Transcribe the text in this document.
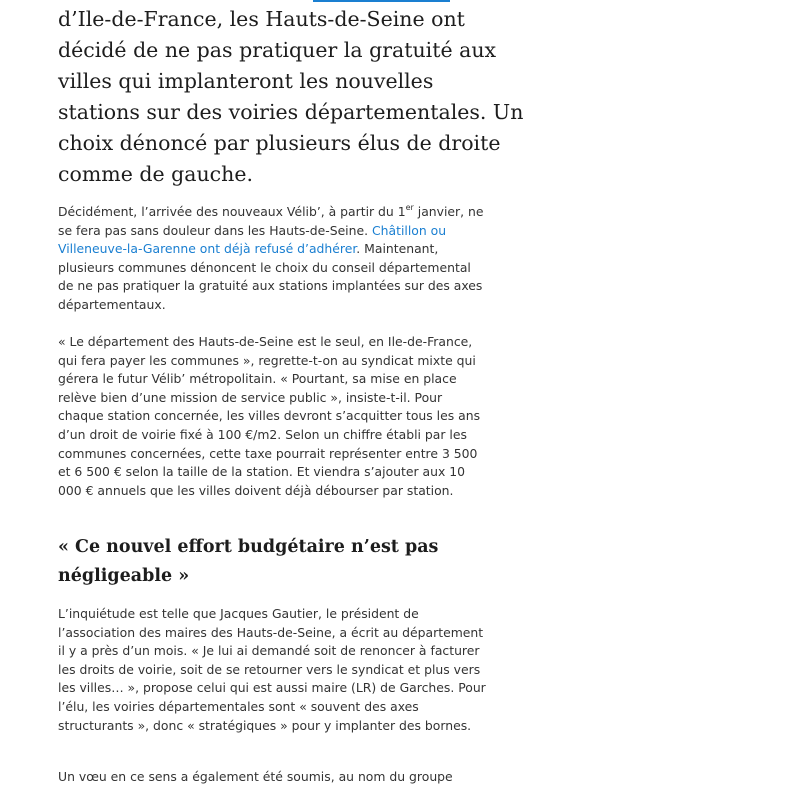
d’Ile-de-France, les Hauts-de-Seine ont
décidé de ne pas pratiquer la gratuité aux
villes qui implanteront les nouvelles
stations sur des voiries départementales. Un
choix dénoncé par plusieurs élus de droite
comme de gauche.

Décidément, l’arrivée des nouveaux Vélib’, à partir du 1er janvier, ne
se fera pas sans douleur dans les Hauts-de-Seine. Châtillon ou
Villeneuve-la-Garenne ont déjà refusé d’adhérer. Maintenant,
plusieurs communes dénoncent le choix du conseil départemental
de ne pas pratiquer la gratuité aux stations implantées sur des axes
départementaux.

« Le département des Hauts-de-Seine est le seul, en Ile-de-France,
qui fera payer les communes », regrette-t-on au syndicat mixte qui
gérera le futur Vélib’ métropolitain. « Pourtant, sa mise en place
relève bien d’une mission de service public », insiste-t-il. Pour
chaque station concernée, les villes devront s’acquitter tous les ans
d’un droit de voirie fixé à 100 €/m2. Selon un chiffre établi par les
communes concernées, cette taxe pourrait représenter entre 3 500
et 6 500 € selon la taille de la station. Et viendra s’ajouter aux 10
000 € annuels que les villes doivent déjà débourser par station.

« Ce nouvel effort budgétaire n’est pas
négligeable »

L’inquiétude est telle que Jacques Gautier, le président de
l’association des maires des Hauts-de-Seine, a écrit au département
il y a près d’un mois. « Je lui ai demandé soit de renoncer à facturer
les droits de voirie, soit de se retourner vers le syndicat et plus vers
les villes… », propose celui qui est aussi maire (LR) de Garches. Pour
l’élu, les voiries départementales sont « souvent des axes
structurants », donc « stratégiques » pour y implanter des bornes.

Un vœu en ce sens a également été soumis, au nom du groupe
